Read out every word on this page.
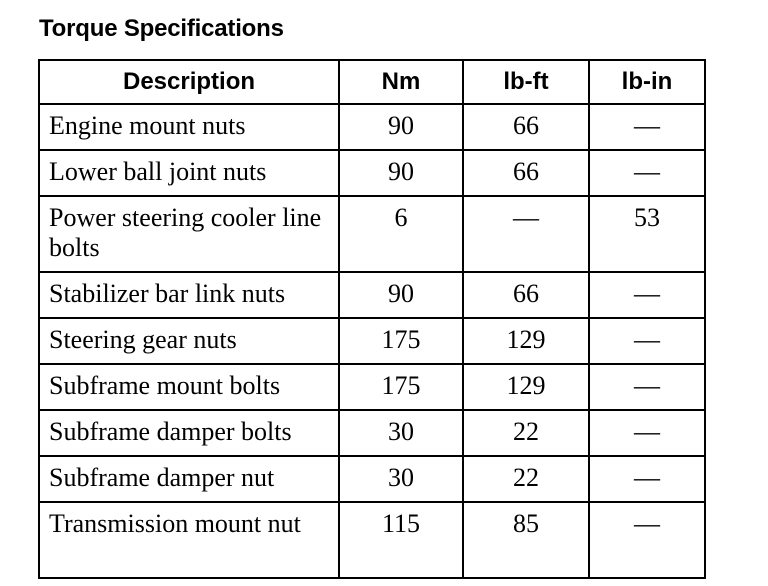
Torque Specifications
Description	Nm	lb-ft	lb-in
Engine mount nuts	90	66	—
Lower ball joint nuts	90	66	—
Power steering cooler line bolts	6	—	53
Stabilizer bar link nuts	90	66	—
Steering gear nuts	175	129	—
Subframe mount bolts	175	129	—
Subframe damper bolts	30	22	—
Subframe damper nut	30	22	—
Transmission mount nut	115	85	—
